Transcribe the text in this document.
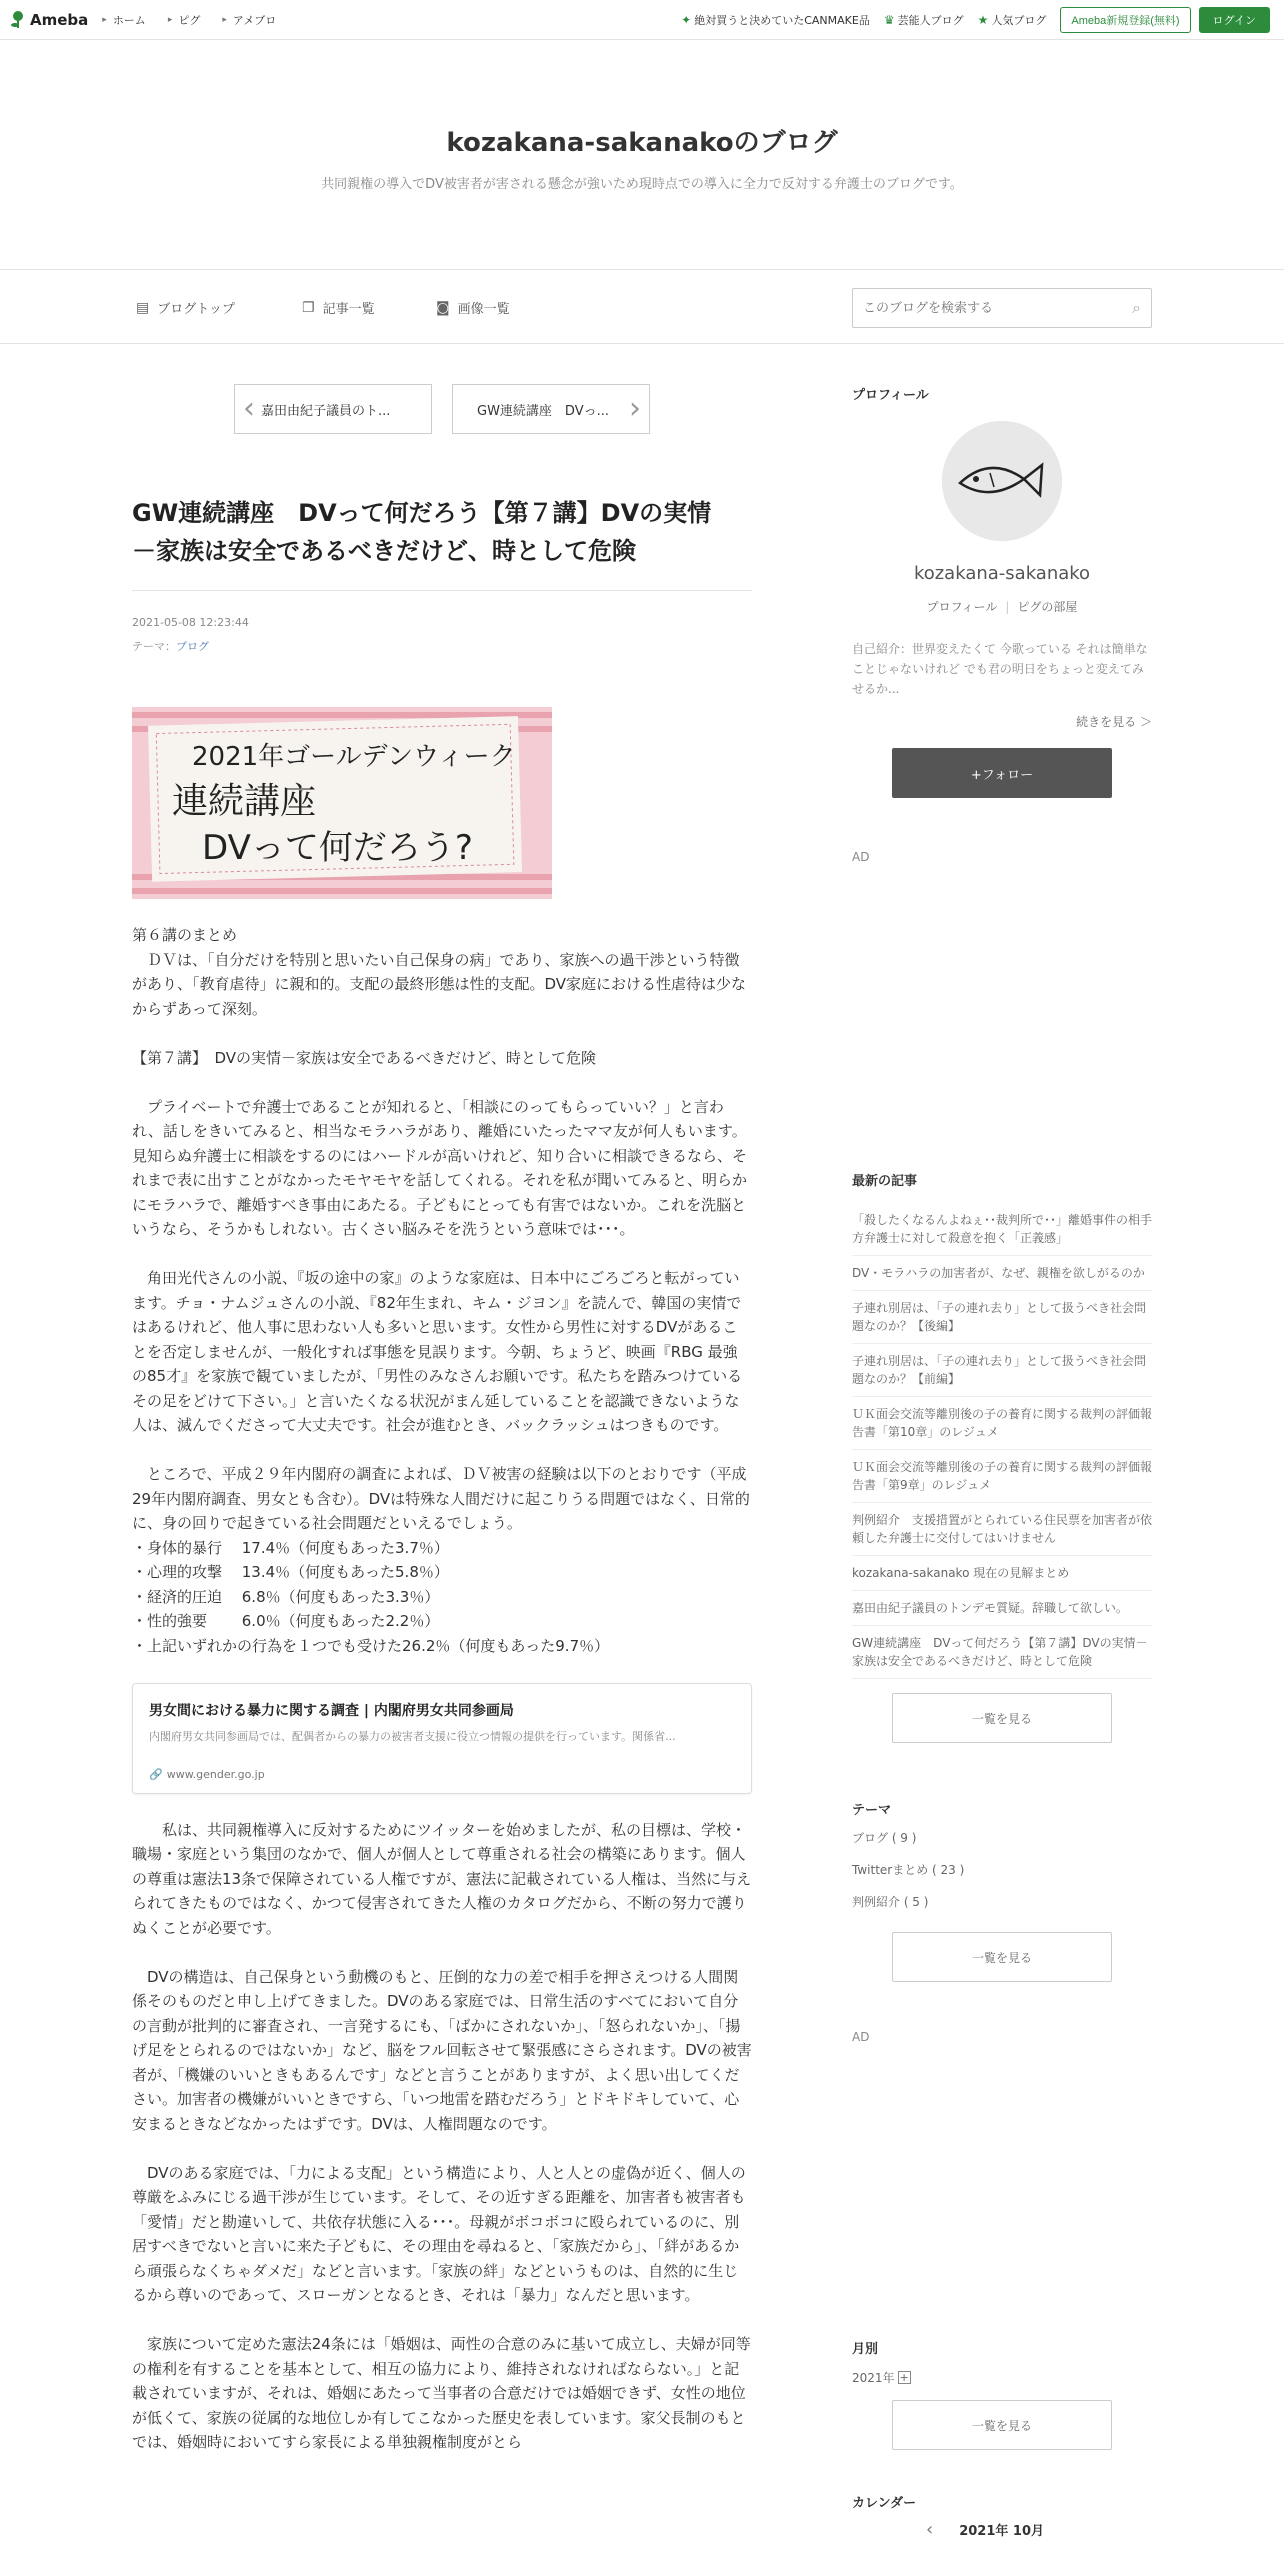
Ameba	▸ ホーム	▸ ピグ	▸ アメブロ	✦ 絶対買うと決めていたCANMAKE品 ♛ 芸能人ブログ ★ 人気ブログ	Ameba新規登録(無料)	ログイン
kozakana-sakanakoのブログ
共同親権の導入でDV被害者が害される懸念が強いため現時点での導入に全力で反対する弁護士のブログです。
▤ ブログトップ	❐ 記事一覧	◙ 画像一覧
このブログを検索する	⌕
‹ 嘉田由紀子議員のト...	GW連続講座　DVっ...
›
GW連続講座　DVって何だろう【第７講】DVの実情
－家族は安全であるべきだけど、時として危険
2021-05-08 12:23:44
テーマ：ブログ
2021年ゴールデンウィーク
連続講座
DVって何だろう?
第６講のまとめ
　ＤＶは、「自分だけを特別と思いたい自己保身の病」であり、家族への過干渉という特徴があり、「教育虐待」に親和的。支配の最終形態は性的支配。DV家庭における性虐待は少なからずあって深刻。
【第７講】　DVの実情－家族は安全であるべきだけど、時として危険
　プライベートで弁護士であることが知れると、「相談にのってもらっていい？」と言われ、話しをきいてみると、相当なモラハラがあり、離婚にいたったママ友が何人もいます。見知らぬ弁護士に相談をするのにはハードルが高いけれど、知り合いに相談できるなら、それまで表に出すことがなかったモヤモヤを話してくれる。それを私が聞いてみると、明らかにモラハラで、離婚すべき事由にあたる。子どもにとっても有害ではないか。これを洗脳というなら、そうかもしれない。古くさい脳みそを洗うという意味では･･･。
　角田光代さんの小説、『坂の途中の家』のような家庭は、日本中にごろごろと転がっています。チョ・ナムジュさんの小説、『82年生まれ、キム・ジヨン』を読んで、韓国の実情ではあるけれど、他人事に思わない人も多いと思います。女性から男性に対するDVがあることを否定しませんが、一般化すれば事態を見誤ります。今朝、ちょうど、映画『RBG 最強の85才』を家族で観ていましたが、「男性のみなさんお願いです。私たちを踏みつけているその足をどけて下さい。」と言いたくなる状況がまん延していることを認識できないような人は、滅んでくださって大丈夫です。社会が進むとき、バックラッシュはつきものです。
　ところで、平成２９年内閣府の調査によれば、ＤＶ被害の経験は以下のとおりです（平成29年内閣府調査、男女とも含む）。DVは特殊な人間だけに起こりうる問題ではなく、日常的に、身の回りで起きている社会問題だといえるでしょう。
・身体的暴行　 17.4％（何度もあった3.7％）
・心理的攻撃　 13.4％（何度もあった5.8％）
・経済的圧迫　 6.8％（何度もあった3.3％）
・性的強要　　 6.0％（何度もあった2.2％）
・上記いずれかの行為を１つでも受けた26.2％（何度もあった9.7％）
男女間における暴力に関する調査 | 内閣府男女共同参画局
内閣府男女共同参画局では、配偶者からの暴力の被害者支援に役立つ情報の提供を行っています。関係省...
🔗 www.gender.go.jp
　　私は、共同親権導入に反対するためにツイッターを始めましたが、私の目標は、学校・職場・家庭という集団のなかで、個人が個人として尊重される社会の構築にあります。個人の尊重は憲法13条で保障されている人権ですが、憲法に記載されている人権は、当然に与えられてきたものではなく、かつて侵害されてきた人権のカタログだから、不断の努力で護りぬくことが必要です。
　DVの構造は、自己保身という動機のもと、圧倒的な力の差で相手を押さえつける人間関係そのものだと申し上げてきました。DVのある家庭では、日常生活のすべてにおいて自分の言動が批判的に審査され、一言発するにも、「ばかにされないか」、「怒られないか」、「揚げ足をとられるのではないか」など、脳をフル回転させて緊張感にさらされます。DVの被害者が、「機嫌のいいときもあるんです」などと言うことがありますが、よく思い出してください。加害者の機嫌がいいときですら、「いつ地雷を踏むだろう」とドキドキしていて、心安まるときなどなかったはずです。DVは、人権問題なのです。
　DVのある家庭では、「力による支配」という構造により、人と人との虚偽が近く、個人の尊厳をふみにじる過干渉が生じています。そして、その近すぎる距離を、加害者も被害者も「愛情」だと勘違いして、共依存状態に入る･･･。母親がボコボコに殴られているのに、別居すべきでないと言いに来た子どもに、その理由を尋ねると、「家族だから」、「絆があるから頑張らなくちゃダメだ」などと言います。「家族の絆」などというものは、自然的に生じるから尊いのであって、スローガンとなるとき、それは「暴力」なんだと思います。
　家族について定めた憲法24条には「婚姻は、両性の合意のみに基いて成立し、夫婦が同等の権利を有することを基本として、相互の協力により、維持されなければならない。」と記載されていますが、それは、婚姻にあたって当事者の合意だけでは婚姻できず、女性の地位が低くて、家族の従属的な地位しか有してこなかった歴史を表しています。家父長制のもとでは、婚姻時においてすら家長による単独親権制度がとら
プロフィール
kozakana-sakanako
プロフィール | ピグの部屋
自己紹介：世界変えたくて 今歌っている それは簡単なことじゃないけれど でも君の明日をちょっと変えてみせるか...
続きを見る ＞
+フォロー
AD
最新の記事
「殺したくなるんよねぇ･･裁判所で･･」離婚事件の相手方弁護士に対して殺意を抱く「正義感」
DV・モラハラの加害者が、なぜ、親権を欲しがるのか
子連れ別居は、「子の連れ去り」として扱うべき社会問題なのか？【後編】
子連れ別居は、「子の連れ去り」として扱うべき社会問題なのか？【前編】
ＵＫ面会交流等離別後の子の養育に関する裁判の評価報告書「第10章」のレジュメ
ＵＫ面会交流等離別後の子の養育に関する裁判の評価報告書「第9章」のレジュメ
判例紹介　支援措置がとられている住民票を加害者が依頼した弁護士に交付してはいけません
kozakana-sakanako 現在の見解まとめ
嘉田由紀子議員のトンデモ質疑。辞職して欲しい。
GW連続講座　DVって何だろう【第７講】DVの実情－家族は安全であるべきだけど、時として危険
一覧を見る
テーマ
ブログ ( 9 )
Twitterまとめ ( 23 )
判例紹介 ( 5 )
一覧を見る
AD
月別
2021年 +
一覧を見る
カレンダー
‹ 2021年 10月
